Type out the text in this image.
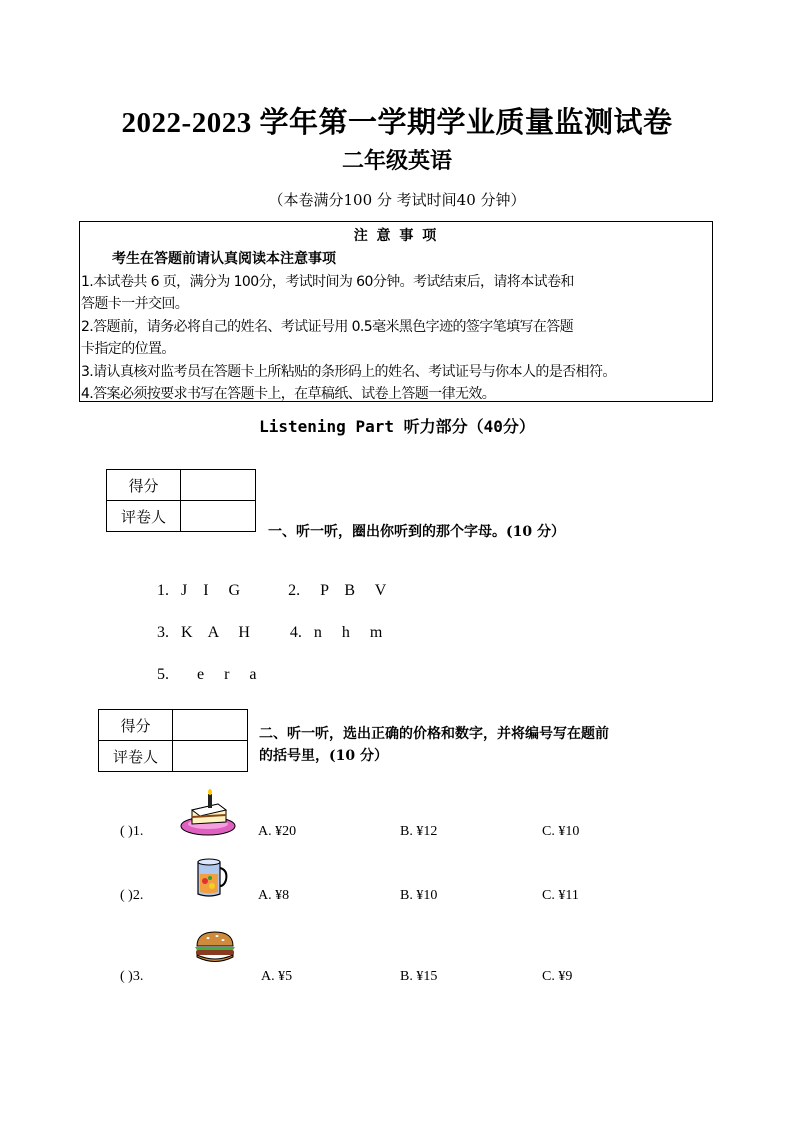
2022-2023 学年第一学期学业质量监测试卷
二年级英语
（本卷满分100 分 考试时间40 分钟）
注 意 事 项
考生在答题前请认真阅读本注意事项
1.本试卷共 6 页，满分为 100分，考试时间为 60分钟。考试结束后，请将本试卷和
答题卡一并交回。
2.答题前，请务必将自己的姓名、考试证号用 0.5毫米黑色字迹的签字笔填写在答题
卡指定的位置。
3.请认真核对监考员在答题卡上所粘贴的条形码上的姓名、考试证号与你本人的是否相符。
4.答案必须按要求书写在答题卡上，在草稿纸、试卷上答题一律无效。
Listening Part 听力部分（40分）
得分	
评卷人	
一、听一听，圈出你听到的那个字母。(10 分）
1.   J    I     G            2.     P    B     V
3.   K    A     H          4.   n     h     m
5.       e     r     a
得分	
评卷人	
二、听一听，选出正确的价格和数字，并将编号写在题前
的括号里，(10 分）
( )1.	A. ¥20	B. ¥12	C. ¥10
( )2.	A. ¥8	B. ¥10	C. ¥11
( )3.	A. ¥5	B. ¥15	C. ¥9
